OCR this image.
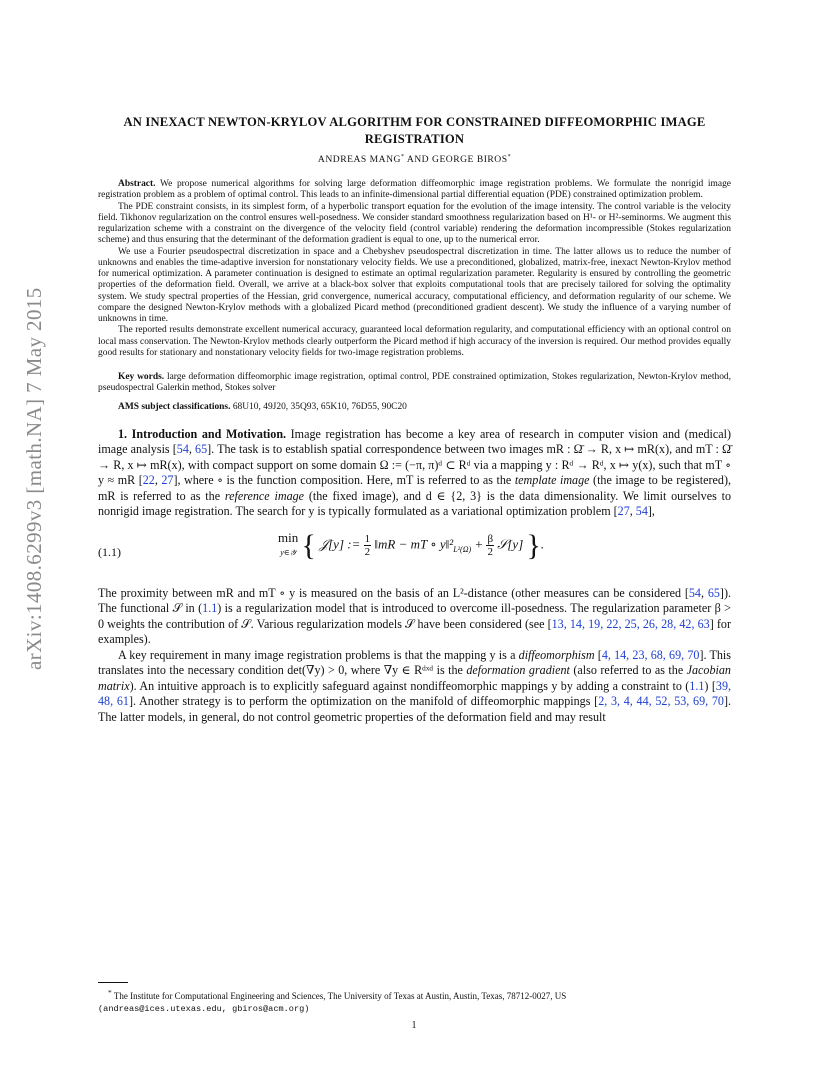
arXiv:1408.6299v3 [math.NA] 7 May 2015
AN INEXACT NEWTON-KRYLOV ALGORITHM FOR CONSTRAINED DIFFEOMORPHIC IMAGE
REGISTRATION
ANDREAS MANG* AND GEORGE BIROS*

Abstract. We propose numerical algorithms for solving large deformation diffeomorphic image registration problems. We formulate the nonrigid image registration problem as a problem of optimal control. This leads to an infinite-dimensional partial differential equation (PDE) constrained optimization problem.

The PDE constraint consists, in its simplest form, of a hyperbolic transport equation for the evolution of the image intensity. The control variable is the velocity field. Tikhonov regularization on the control ensures well-posedness. We consider standard smoothness regularization based on H¹- or H²-seminorms. We augment this regularization scheme with a constraint on the divergence of the velocity field (control variable) rendering the deformation incompressible (Stokes regularization scheme) and thus ensuring that the determinant of the deformation gradient is equal to one, up to the numerical error.

We use a Fourier pseudospectral discretization in space and a Chebyshev pseudospectral discretization in time. The latter allows us to reduce the number of unknowns and enables the time-adaptive inversion for nonstationary velocity fields. We use a preconditioned, globalized, matrix-free, inexact Newton-Krylov method for numerical optimization. A parameter continuation is designed to estimate an optimal regularization parameter. Regularity is ensured by controlling the geometric properties of the deformation field. Overall, we arrive at a black-box solver that exploits computational tools that are precisely tailored for solving the optimality system. We study spectral properties of the Hessian, grid convergence, numerical accuracy, computational efficiency, and deformation regularity of our scheme. We compare the designed Newton-Krylov methods with a globalized Picard method (preconditioned gradient descent). We study the influence of a varying number of unknowns in time.

The reported results demonstrate excellent numerical accuracy, guaranteed local deformation regularity, and computational efficiency with an optional control on local mass conservation. The Newton-Krylov methods clearly outperform the Picard method if high accuracy of the inversion is required. Our method provides equally good results for stationary and nonstationary velocity fields for two-image registration problems.

Key words. large deformation diffeomorphic image registration, optimal control, PDE constrained optimization, Stokes regularization, Newton-Krylov method, pseudospectral Galerkin method, Stokes solver
AMS subject classifications. 68U10, 49J20, 35Q93, 65K10, 76D55, 90C20

1. Introduction and Motivation. Image registration has become a key area of research in computer vision and (medical) image analysis [54, 65]. The task is to establish spatial correspondence between two images mR : Ω̄ → R, x ↦ mR(x), and mT : Ω̄ → R, x ↦ mR(x), with compact support on some domain Ω := (−π, π)ᵈ ⊂ Rᵈ via a mapping y : Rᵈ → Rᵈ, x ↦ y(x), such that mT ∘ y ≈ mR [22, 27], where ∘ is the function composition. Here, mT is referred to as the template image (the image to be registered), mR is referred to as the reference image (the fixed image), and d ∈ {2, 3} is the data dimensionality. We limit ourselves to nonrigid image registration. The search for y is typically formulated as a variational optimization problem [27, 54],

(1.1)
min
y∈𝒴 { 𝒥[y] := $\frac{1}{2}$ ‖mR − mT ∘ $y‖^2_{L^2(\Omega)} + \frac{\beta}{2}$ 𝒮[y] }.

The proximity between mR and mT ∘ y is measured on the basis of an L²-distance (other measures can be considered [54, 65]). The functional 𝒮 in (1.1) is a regularization model that is introduced to overcome ill-posedness. The regularization parameter β > 0 weights the contribution of 𝒮. Various regularization models 𝒮 have been considered (see [13, 14, 19, 22, 25, 26, 28, 42, 63] for examples).

A key requirement in many image registration problems is that the mapping y is a diffeomorphism [4, 14, 23, 68, 69, 70]. This translates into the necessary condition det(∇y) > 0, where ∇y ∈ Rᵈˣᵈ is the deformation gradient (also referred to as the Jacobian matrix). An intuitive approach is to explicitly safeguard against nondiffeomorphic mappings y by adding a constraint to (1.1) [39, 48, 61]. Another strategy is to perform the optimization on the manifold of diffeomorphic mappings [2, 3, 4, 44, 52, 53, 69, 70]. The latter models, in general, do not control geometric properties of the deformation field and may result

* The Institute for Computational Engineering and Sciences, The University of Texas at Austin, Austin, Texas, 78712-0027, US
(andreas@ices.utexas.edu, gbiros@acm.org)
1
